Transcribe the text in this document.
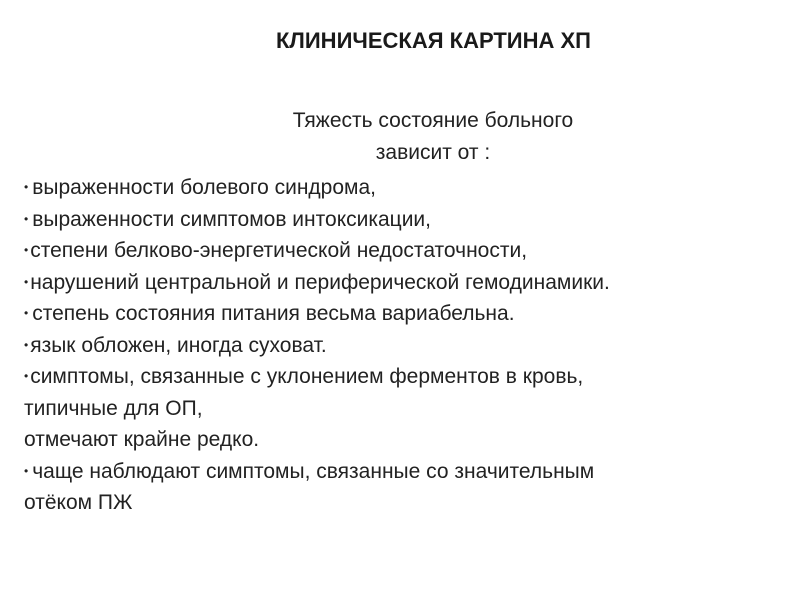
КЛИНИЧЕСКАЯ КАРТИНА ХП
Тяжесть состояние больного
зависит от :
• выраженности болевого синдрома,
• выраженности симптомов интоксикации,
•степени белково-энергетической недостаточности,
•нарушений центральной и периферической гемодинамики.
• степень состояния питания весьма вариабельна.
•язык обложен, иногда суховат.
•симптомы, связанные с уклонением ферментов в кровь,
типичные для ОП,
отмечают крайне редко.
• чаще наблюдают симптомы, связанные со значительным
отёком ПЖ
